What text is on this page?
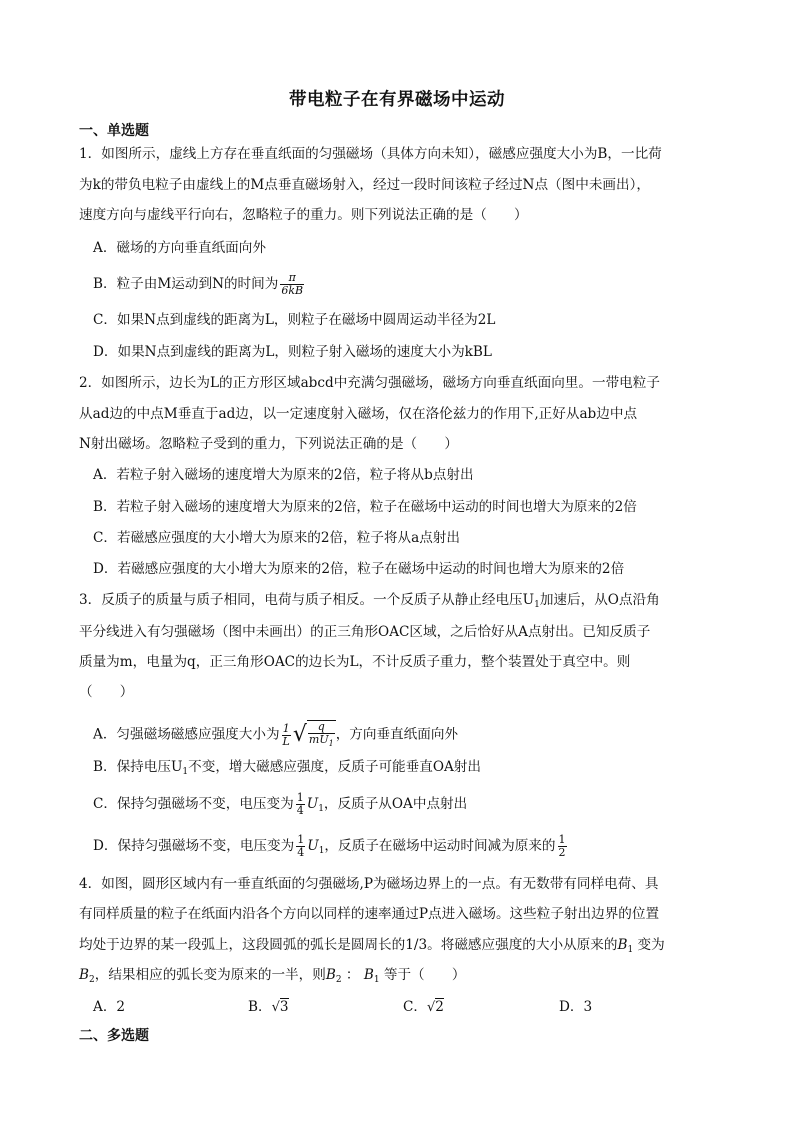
带电粒子在有界磁场中运动
一、单选题
1．如图所示，虚线上方存在垂直纸面的匀强磁场（具体方向未知），磁感应强度大小为B，一比荷
为k的带负电粒子由虚线上的M点垂直磁场射入，经过一段时间该粒子经过N点（图中未画出），
速度方向与虚线平行向右，忽略粒子的重力。则下列说法正确的是（　　）
A．磁场的方向垂直纸面向外
B．粒子由M运动到N的时间为 $\frac{\pi}{6kB}$
C．如果N点到虚线的距离为L，则粒子在磁场中圆周运动半径为2L
D．如果N点到虚线的距离为L，则粒子射入磁场的速度大小为kBL
2．如图所示，边长为L的正方形区域abcd中充满匀强磁场，磁场方向垂直纸面向里。一带电粒子
从ad边的中点M垂直于ad边，以一定速度射入磁场，仅在洛伦兹力的作用下,正好从ab边中点
N射出磁场。忽略粒子受到的重力，下列说法正确的是（　　）
A．若粒子射入磁场的速度增大为原来的2倍，粒子将从b点射出
B．若粒子射入磁场的速度增大为原来的2倍，粒子在磁场中运动的时间也增大为原来的2倍
C．若磁感应强度的大小增大为原来的2倍，粒子将从a点射出
D．若磁感应强度的大小增大为原来的2倍，粒子在磁场中运动的时间也增大为原来的2倍
3．反质子的质量与质子相同，电荷与质子相反。一个反质子从静止经电压$U_1$加速后，从O点沿角
平分线进入有匀强磁场（图中未画出）的正三角形OAC区域，之后恰好从A点射出。已知反质子
质量为m，电量为q，正三角形OAC的边长为L，不计反质子重力，整个装置处于真空中。则
（　　）
A．匀强磁场磁感应强度大小为 $\frac{1}{L}$ √ $\frac{q}{mU_1}$ ，方向垂直纸面向外
B．保持电压$U_1$不变，增大磁感应强度，反质子可能垂直OA射出
C．保持匀强磁场不变，电压变为 $\frac{1}{4} U_1$，反质子从OA中点射出
D．保持匀强磁场不变，电压变为 $\frac{1}{4} U_1$，反质子在磁场中运动时间减为原来的 $\frac{1}{2}$
4．如图，圆形区域内有一垂直纸面的匀强磁场,P为磁场边界上的一点。有无数带有同样电荷、具
有同样质量的粒子在纸面内沿各个方向以同样的速率通过P点进入磁场。这些粒子射出边界的位置
均处于边界的某一段弧上，这段圆弧的弧长是圆周长的1/3。将磁感应强度的大小从原来的$B_1$ 变为
$B_2$，结果相应的弧长变为原来的一半，则$B_2$ ： $B_1$ 等于（　　）
A．2	B．√3	C．√2	D．3
二、多选题
